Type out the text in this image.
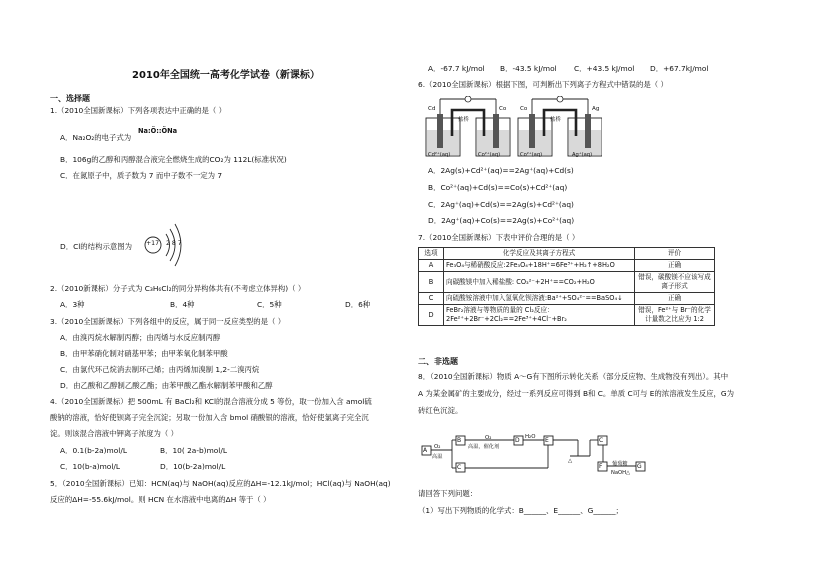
2010年全国统一高考化学试卷（新课标）
一、选择题
1.（2010全国新课标）下列各项表达中正确的是（ ）
A．Na₂O₂的电子式为
Na:Ö::ÖNa
B．106g的乙醇和丙醇混合液完全燃烧生成的CO₂为 112L(标准状况)
C．在氮原子中，质子数为 7 而中子数不一定为 7
+17 2 8 7
D．Cl的结构示意图为
2.（2010新课标）分子式为 C₃H₆Cl₂的同分异构体共有(不考虑立体异构)（ ）
A．3种	B．4种	C．5种	D．6种
3.（2010全国新课标）下列各组中的反应，属于同一反应类型的是（ ）
A．由溴丙烷水解制丙醇；由丙烯与水反应制丙醇
B．由甲苯硝化制对硝基甲苯；由甲苯氧化制苯甲酸
C．由氯代环己烷消去制环己烯；由丙烯加溴制 1,2-二溴丙烷
D．由乙酸和乙醇制乙酸乙酯；由苯甲酸乙酯水解制苯甲酸和乙醇
4.（2010全国新课标）把 500mL 有 BaCl₂和 KCl的混合溶液分成 5 等份，取一份加入含 amol硫
酸钠的溶液，恰好使钡离子完全沉淀；另取一份加入含 bmol 硝酸银的溶液，恰好使氯离子完全沉
淀。则该混合溶液中钾离子浓度为（ ）
A．0.1(b-2a)mol/L	B．10( 2a-b)mol/L
C．10(b-a)mol/L	D．10(b-2a)mol/L
5．（2010全国新课标）已知：HCN(aq)与 NaOH(aq)反应的ΔH=-12.1kJ/mol；HCl(aq)与 NaOH(aq)
反应的ΔH=-55.6kJ/mol。则 HCN 在水溶液中电离的ΔH 等于（ ）
A．-67.7 kJ/mol B．-43.5 kJ/mol C．+43.5 kJ/mol D．+67.7kJ/mol
6.（2010全国新课标）根据下图，可判断出下列离子方程式中错误的是（ ）
Cd	Co Co	Ag
盐桥	盐桥
Cd²⁺(aq)	Co²⁺(aq)	Co²⁺(aq)	Ag⁺(aq)
A．2Ag(s)+Cd²⁺(aq)==2Ag⁺(aq)+Cd(s)
B．Co²⁺(aq)+Cd(s)==Co(s)+Cd²⁺(aq)
C．2Ag⁺(aq)+Cd(s)==2Ag(s)+Cd²⁺(aq)
D．2Ag⁺(aq)+Co(s)==2Ag(s)+Co²⁺(aq)
7.（2010全国新课标）下表中评价合理的是（ ）
选项	化学反应及其离子方程式	评价
A	Fe₃O₄与稀硝酸反应:2Fe₃O₄+18H⁺=6Fe³⁺+H₂↑+8H₂O	正确
B	向碳酸镁中加入稀盐酸: CO₃²⁻+2H⁺==CO₂+H₂O	错误，碳酸镁不应该写成离子形式
C	向硫酸铵溶液中加入氢氧化钡溶液:Ba²⁺+SO₄²⁻==BaSO₄↓	正确
D	FeBr₂溶液与等物质的量的 Cl₂反应：2Fe²⁺+2Br⁻+2Cl₂==2Fe³⁺+4Cl⁻+Br₂	错误，Fe²⁺与 Br⁻的化学计量数之比应为 1:2
二、非选题
8．（2010全国新课标）物质 A～G有下图所示转化关系（部分反应物、生成物没有列出）。其中
A 为某金属矿的主要成分，经过一系列反应可得到 B和 C。单质 C可与 E的浓溶液发生反应，G为
砖红色沉淀。
A O₂
高温
B
C
O₂
高温，催化剂
D H₂O E
△
C
F 葡萄糖
NaOH△
G
请回答下列问题：
（1）写出下列物质的化学式：B______、E______、G______；
